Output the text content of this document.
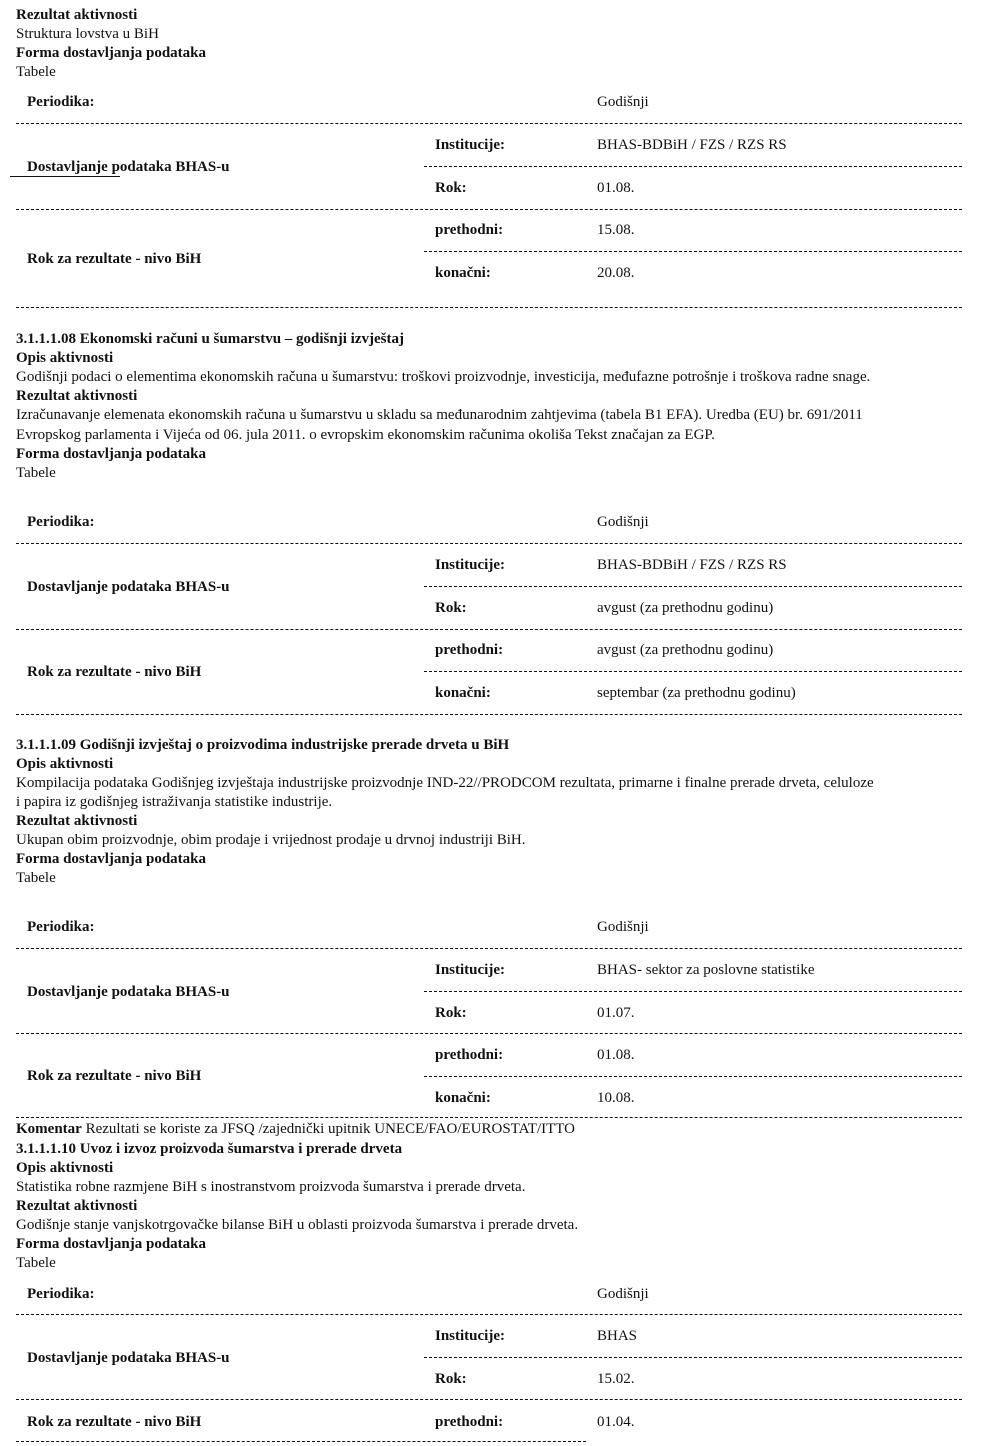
Rezultat aktivnosti
Struktura lovstva u BiH
Forma dostavljanja podataka
Tabele
Periodika:	Godišnji
Institucije:	BHAS-BDBiH / FZS / RZS RS
Dostavljanje podataka BHAS-u
Rok:	01.08.
prethodni:	15.08.
Rok za rezultate - nivo BiH
konačni:	20.08.
3.1.1.1.08 Ekonomski računi u šumarstvu – godišnji izvještaj
Opis aktivnosti
Godišnji podaci o elementima ekonomskih računa u šumarstvu: troškovi proizvodnje, investicija, međufazne potrošnje i troškova radne snage.
Rezultat aktivnosti
Izračunavanje elemenata ekonomskih računa u šumarstvu u skladu sa međunarodnim zahtjevima (tabela B1 EFA). Uredba (EU) br. 691/2011
Evropskog parlamenta i Vijeća od 06. jula 2011. o evropskim ekonomskim računima okoliša Tekst značajan za EGP.
Forma dostavljanja podataka
Tabele
Periodika:	Godišnji
Institucije:	BHAS-BDBiH / FZS / RZS RS
Dostavljanje podataka BHAS-u
Rok:	avgust (za prethodnu godinu)
prethodni:	avgust (za prethodnu godinu)
Rok za rezultate - nivo BiH
konačni:	septembar (za prethodnu godinu)
3.1.1.1.09 Godišnji izvještaj o proizvodima industrijske prerade drveta u BiH
Opis aktivnosti
Kompilacija podataka Godišnjeg izvještaja industrijske proizvodnje IND-22//PRODCOM rezultata, primarne i finalne prerade drveta, celuloze
i papira iz godišnjeg istraživanja statistike industrije.
Rezultat aktivnosti
Ukupan obim proizvodnje, obim prodaje i vrijednost prodaje u drvnoj industriji BiH.
Forma dostavljanja podataka
Tabele
Periodika:	Godišnji
Institucije:	BHAS- sektor za poslovne statistike
Dostavljanje podataka BHAS-u
Rok:	01.07.
prethodni:	01.08.
Rok za rezultate - nivo BiH
konačni:	10.08.
Komentar Rezultati se koriste za JFSQ /zajednički upitnik UNECE/FAO/EUROSTAT/ITTO
3.1.1.1.10 Uvoz i izvoz proizvoda šumarstva i prerade drveta
Opis aktivnosti
Statistika robne razmjene BiH s inostranstvom proizvoda šumarstva i prerade drveta.
Rezultat aktivnosti
Godišnje stanje vanjskotrgovačke bilanse BiH u oblasti proizvoda šumarstva i prerade drveta.
Forma dostavljanja podataka
Tabele
Periodika:	Godišnji
Institucije:	BHAS
Dostavljanje podataka BHAS-u
Rok:	15.02.
Rok za rezultate - nivo BiH	prethodni:	01.04.
